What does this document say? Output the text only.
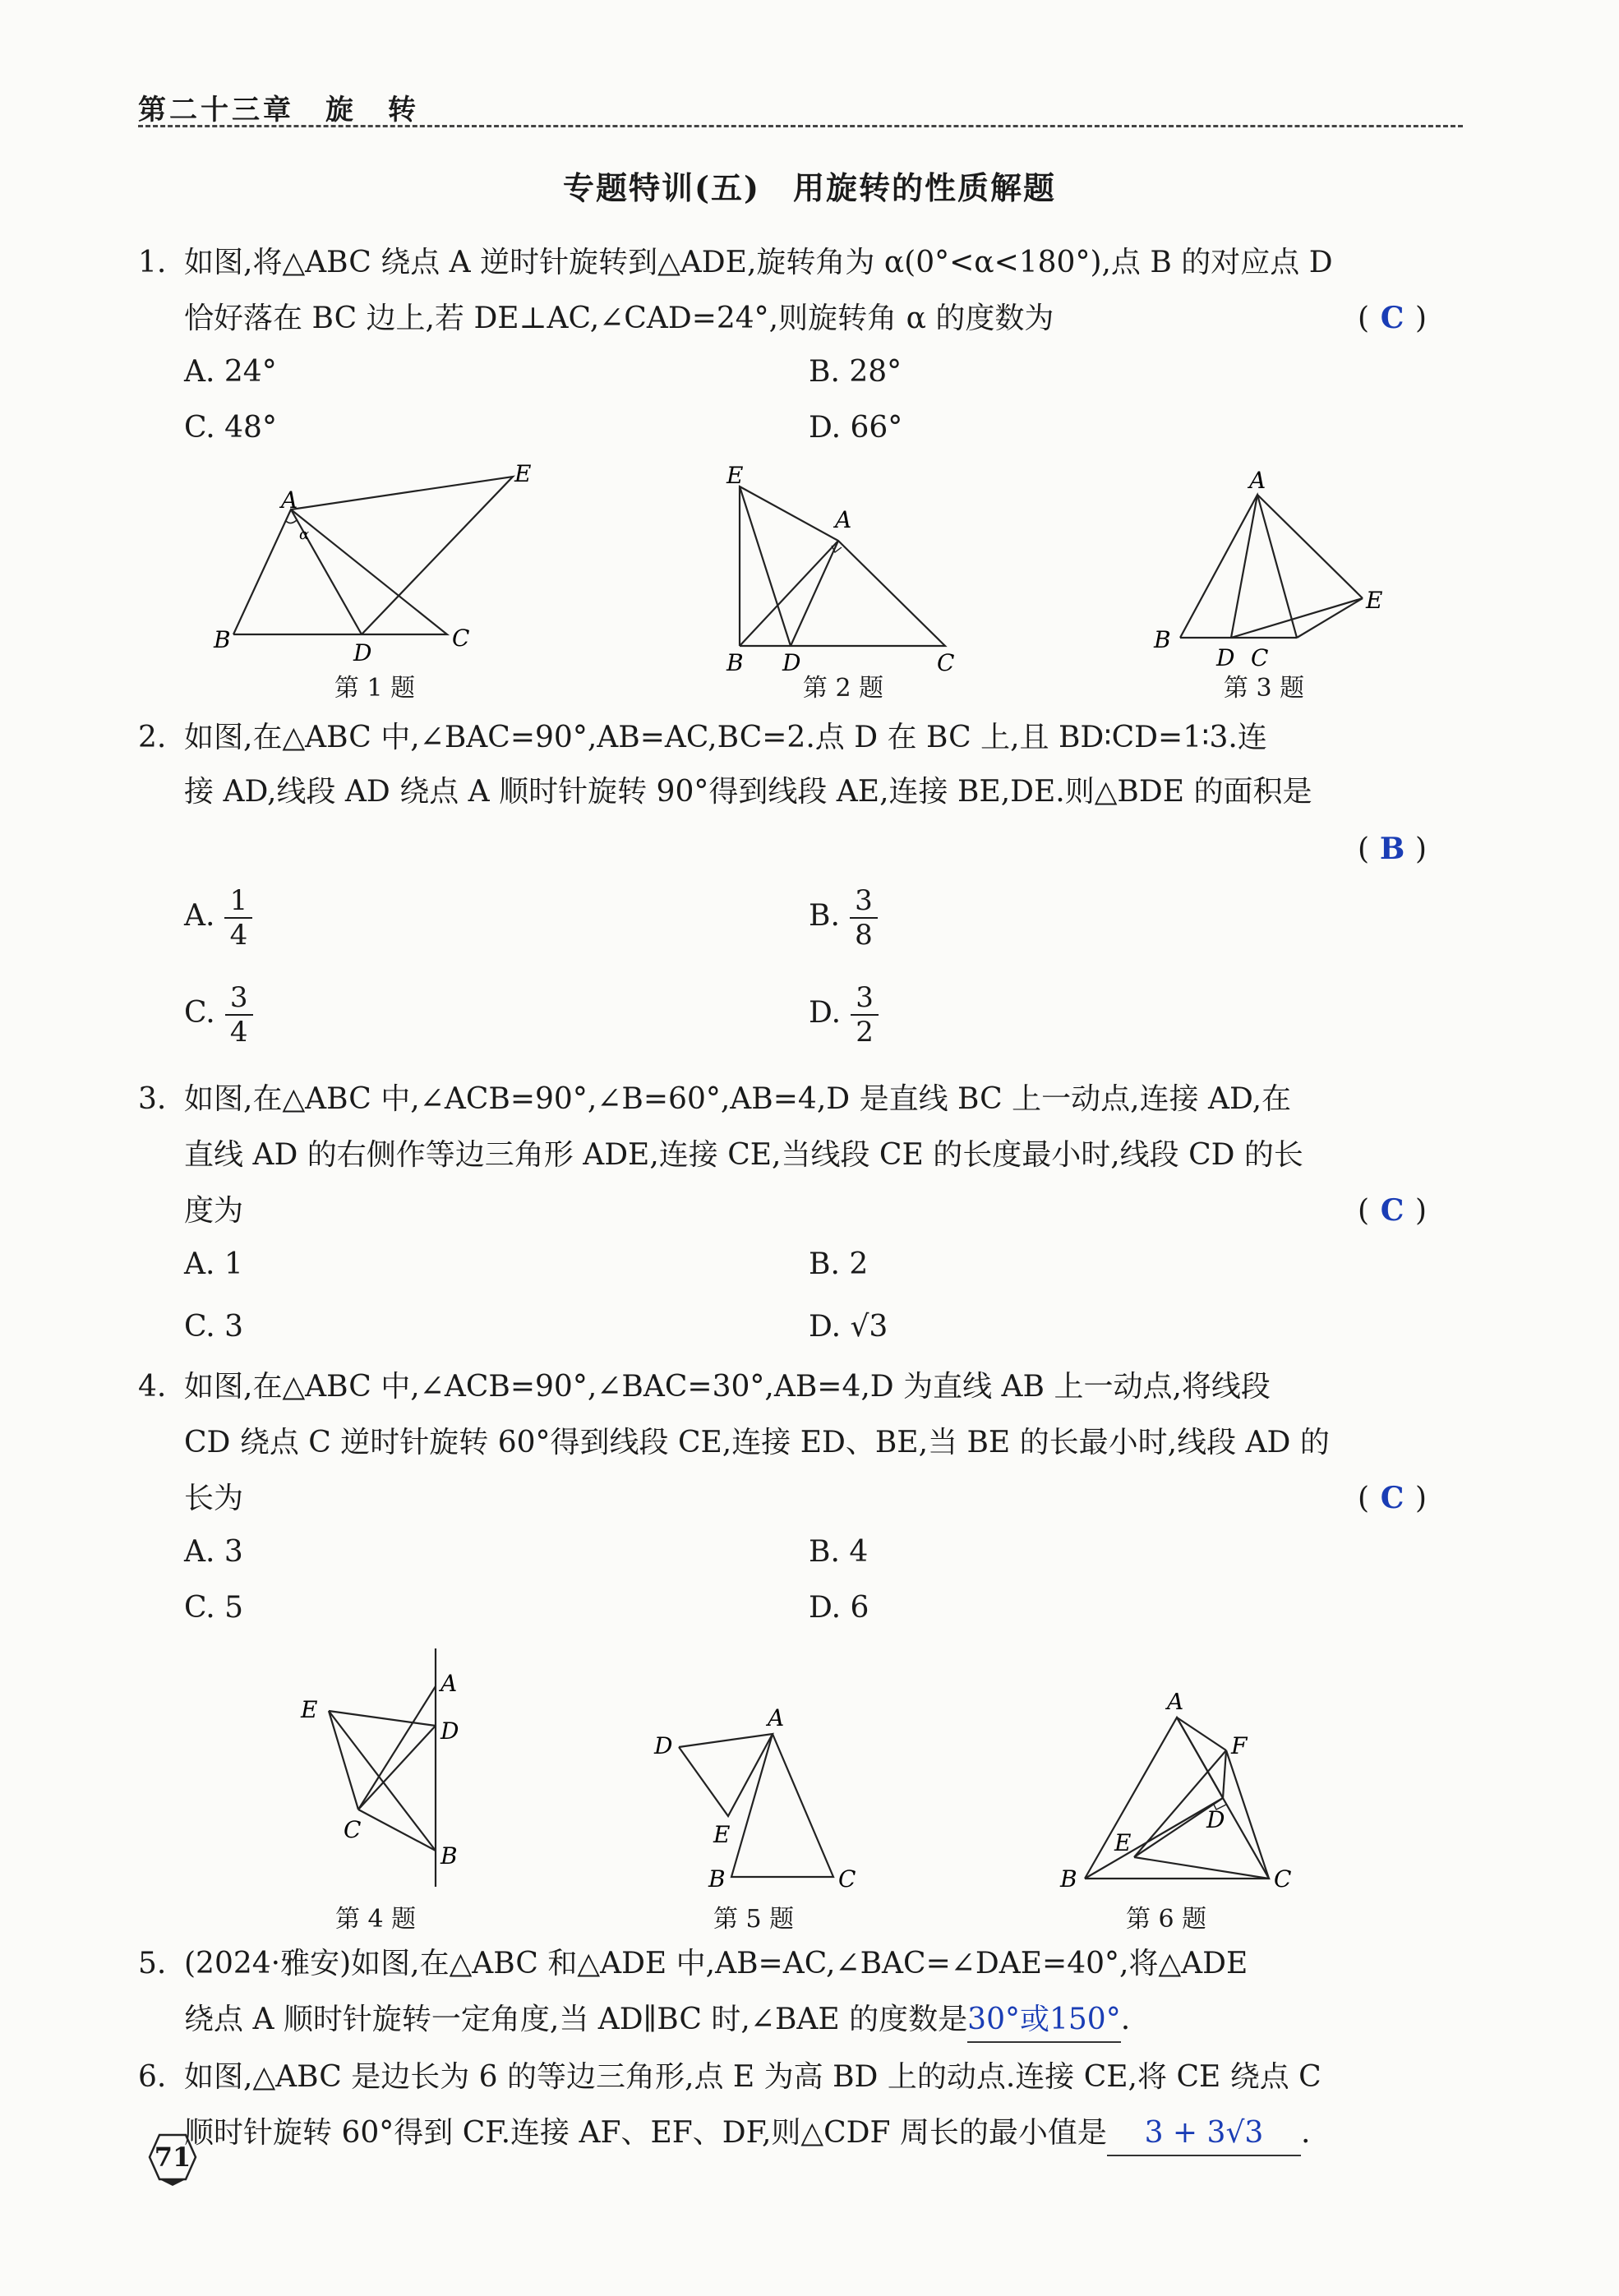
第二十三章　旋　转
专题特训(五)　用旋转的性质解题
1. 如图,将△ABC 绕点 A 逆时针旋转到△ADE,旋转角为 α(0°<α<180°),点 B 的对应点 D
恰好落在 BC 边上,若 DE⊥AC,∠CAD=24°,则旋转角 α 的度数为	( C )
A. 24°	B. 28°
C. 48°	D. 66°
A
E
B	D
C
α
第 1 题
E
A
B D	C
第 2 题
A
E
B
D C
第 3 题
2. 如图,在△ABC 中,∠BAC=90°,AB=AC,BC=2.点 D 在 BC 上,且 BD∶CD=1∶3.连
接 AD,线段 AD 绕点 A 顺时针旋转 90°得到线段 AE,连接 BE,DE.则△BDE 的面积是
( B )
A. $\frac{1}{4}$	B. $\frac{3}{8}$
C. $\frac{3}{4}$	D. $\frac{3}{2}$
3. 如图,在△ABC 中,∠ACB=90°,∠B=60°,AB=4,D 是直线 BC 上一动点,连接 AD,在
直线 AD 的右侧作等边三角形 ADE,连接 CE,当线段 CE 的长度最小时,线段 CD 的长
度为	( C )
A. 1	B. 2
C. 3	D. √3
4. 如图,在△ABC 中,∠ACB=90°,∠BAC=30°,AB=4,D 为直线 AB 上一动点,将线段
CD 绕点 C 逆时针旋转 60°得到线段 CE,连接 ED、BE,当 BE 的长最小时,线段 AD 的
长为	( C )
A. 3	B. 4
C. 5	D. 6
E
A
D
C
B
第 4 题
D
A
E
B	C
第 5 题
A
F
E
D
B	C
第 6 题
5. (2024·雅安)如图,在△ABC 和△ADE 中,AB=AC,∠BAC=∠DAE=40°,将△ADE
绕点 A 顺时针旋转一定角度,当 AD∥BC 时,∠BAE 的度数是30°或150°.
6. 如图,△ABC 是边长为 6 的等边三角形,点 E 为高 BD 上的动点.连接 CE,将 CE 绕点 C
顺时针旋转 60°得到 CF.连接 AF、EF、DF,则△CDF 周长的最小值是 3 + 3√3 .
71
